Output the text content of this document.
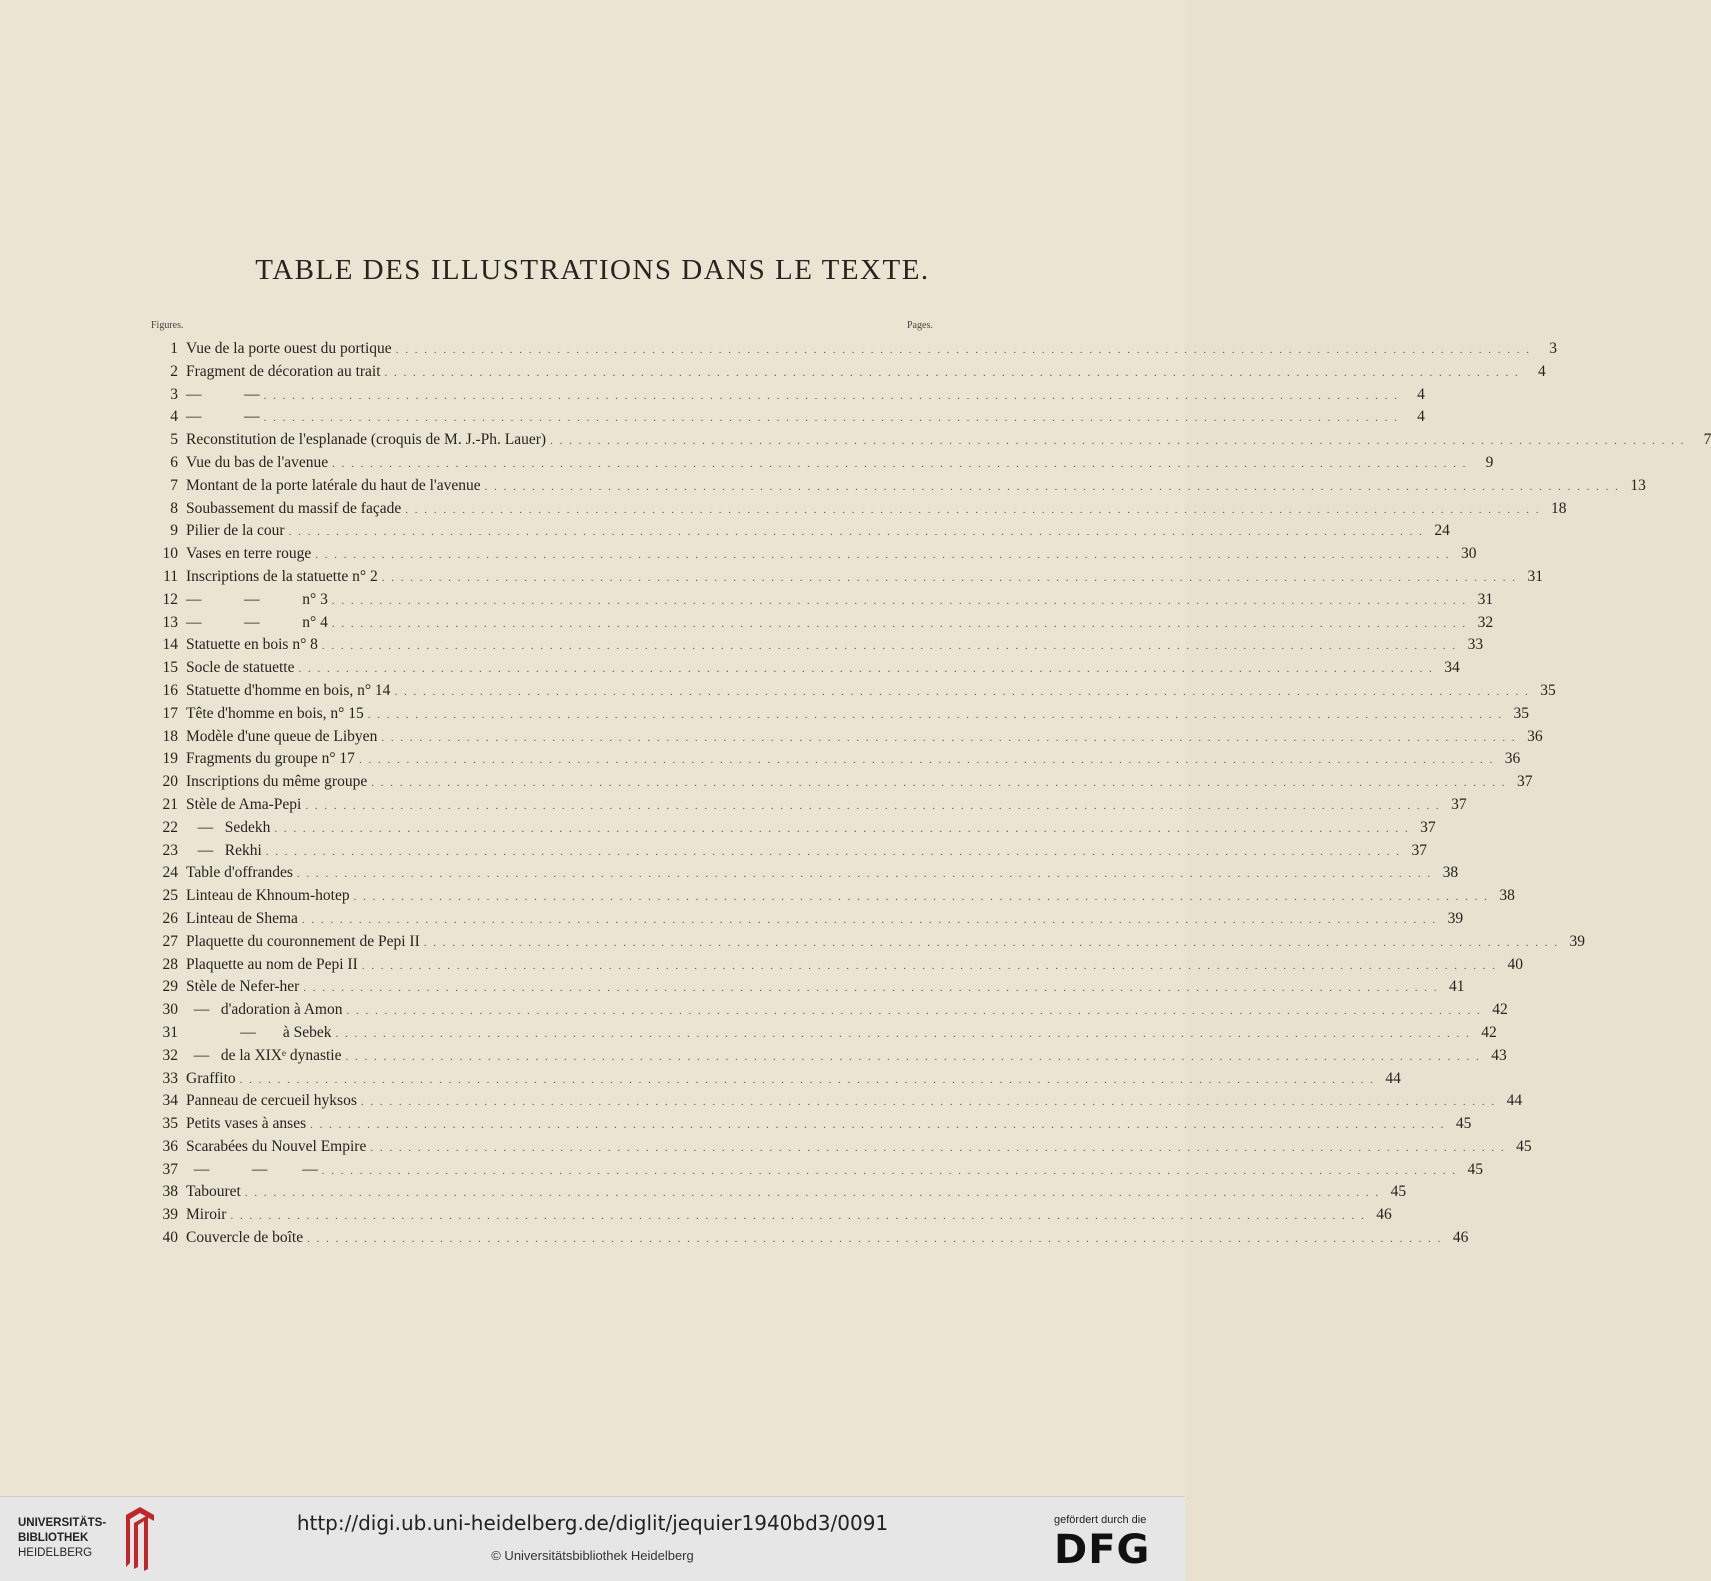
TABLE DES ILLUSTRATIONS DANS LE TEXTE.
Figures.	Pages.
1 Vue de la porte ouest du portique . . . . . . . . . . . . . . . . . . . . . . . . . . . . . . . . . . . . . . . . . . . . . . . . . . . . . . . . . . . . . . . . . . . . . . . . . . . . . . . . . . . . . . . . . . . . . . . . . . . . . . . . . . . . . . . . . . . . . . . .	3
2 Fragment de décoration au trait . . . . . . . . . . . . . . . . . . . . . . . . . . . . . . . . . . . . . . . . . . . . . . . . . . . . . . . . . . . . . . . . . . . . . . . . . . . . . . . . . . . . . . . . . . . . . . . . . . . . . . . . . . . . . . . . . . . . . . . .	4
3 —           — . . . . . . . . . . . . . . . . . . . . . . . . . . . . . . . . . . . . . . . . . . . . . . . . . . . . . . . . . . . . . . . . . . . . . . . . . . . . . . . . . . . . . . . . . . . . . . . . . . . . . . . . . . . . . . . . . . . . . . . .	4
4 —           — . . . . . . . . . . . . . . . . . . . . . . . . . . . . . . . . . . . . . . . . . . . . . . . . . . . . . . . . . . . . . . . . . . . . . . . . . . . . . . . . . . . . . . . . . . . . . . . . . . . . . . . . . . . . . . . . . . . . . . . .	4
5 Reconstitution de l'esplanade (croquis de M. J.-Ph. Lauer) . . . . . . . . . . . . . . . . . . . . . . . . . . . . . . . . . . . . . . . . . . . . . . . . . . . . . . . . . . . . . . . . . . . . . . . . . . . . . . . . . . . . . . . . . . . . . . . . . . . . . . . . . . . . . . . . . . . . . . . .	7
6 Vue du bas de l'avenue . . . . . . . . . . . . . . . . . . . . . . . . . . . . . . . . . . . . . . . . . . . . . . . . . . . . . . . . . . . . . . . . . . . . . . . . . . . . . . . . . . . . . . . . . . . . . . . . . . . . . . . . . . . . . . . . . . . . . . . .	9
7 Montant de la porte latérale du haut de l'avenue . . . . . . . . . . . . . . . . . . . . . . . . . . . . . . . . . . . . . . . . . . . . . . . . . . . . . . . . . . . . . . . . . . . . . . . . . . . . . . . . . . . . . . . . . . . . . . . . . . . . . . . . . . . . . . . . . . . . . . . . 13
8 Soubassement du massif de façade . . . . . . . . . . . . . . . . . . . . . . . . . . . . . . . . . . . . . . . . . . . . . . . . . . . . . . . . . . . . . . . . . . . . . . . . . . . . . . . . . . . . . . . . . . . . . . . . . . . . . . . . . . . . . . . . . . . . . . . . 18
9 Pilier de la cour . . . . . . . . . . . . . . . . . . . . . . . . . . . . . . . . . . . . . . . . . . . . . . . . . . . . . . . . . . . . . . . . . . . . . . . . . . . . . . . . . . . . . . . . . . . . . . . . . . . . . . . . . . . . . . . . . . . . . . . . 24
10 Vases en terre rouge . . . . . . . . . . . . . . . . . . . . . . . . . . . . . . . . . . . . . . . . . . . . . . . . . . . . . . . . . . . . . . . . . . . . . . . . . . . . . . . . . . . . . . . . . . . . . . . . . . . . . . . . . . . . . . . . . . . . . . . . 30
11 Inscriptions de la statuette n° 2 . . . . . . . . . . . . . . . . . . . . . . . . . . . . . . . . . . . . . . . . . . . . . . . . . . . . . . . . . . . . . . . . . . . . . . . . . . . . . . . . . . . . . . . . . . . . . . . . . . . . . . . . . . . . . . . . . . . . . . . . 31
12 —           —           n° 3 . . . . . . . . . . . . . . . . . . . . . . . . . . . . . . . . . . . . . . . . . . . . . . . . . . . . . . . . . . . . . . . . . . . . . . . . . . . . . . . . . . . . . . . . . . . . . . . . . . . . . . . . . . . . . . . . . . . . . . . . 31
13 —           —           n° 4 . . . . . . . . . . . . . . . . . . . . . . . . . . . . . . . . . . . . . . . . . . . . . . . . . . . . . . . . . . . . . . . . . . . . . . . . . . . . . . . . . . . . . . . . . . . . . . . . . . . . . . . . . . . . . . . . . . . . . . . . 32
14 Statuette en bois n° 8 . . . . . . . . . . . . . . . . . . . . . . . . . . . . . . . . . . . . . . . . . . . . . . . . . . . . . . . . . . . . . . . . . . . . . . . . . . . . . . . . . . . . . . . . . . . . . . . . . . . . . . . . . . . . . . . . . . . . . . . . 33
15 Socle de statuette . . . . . . . . . . . . . . . . . . . . . . . . . . . . . . . . . . . . . . . . . . . . . . . . . . . . . . . . . . . . . . . . . . . . . . . . . . . . . . . . . . . . . . . . . . . . . . . . . . . . . . . . . . . . . . . . . . . . . . . . 34
16 Statuette d'homme en bois, n° 14 . . . . . . . . . . . . . . . . . . . . . . . . . . . . . . . . . . . . . . . . . . . . . . . . . . . . . . . . . . . . . . . . . . . . . . . . . . . . . . . . . . . . . . . . . . . . . . . . . . . . . . . . . . . . . . . . . . . . . . . . 35
17 Tête d'homme en bois, n° 15 . . . . . . . . . . . . . . . . . . . . . . . . . . . . . . . . . . . . . . . . . . . . . . . . . . . . . . . . . . . . . . . . . . . . . . . . . . . . . . . . . . . . . . . . . . . . . . . . . . . . . . . . . . . . . . . . . . . . . . . . 35
18 Modèle d'une queue de Libyen . . . . . . . . . . . . . . . . . . . . . . . . . . . . . . . . . . . . . . . . . . . . . . . . . . . . . . . . . . . . . . . . . . . . . . . . . . . . . . . . . . . . . . . . . . . . . . . . . . . . . . . . . . . . . . . . . . . . . . . . 36
19 Fragments du groupe n° 17 . . . . . . . . . . . . . . . . . . . . . . . . . . . . . . . . . . . . . . . . . . . . . . . . . . . . . . . . . . . . . . . . . . . . . . . . . . . . . . . . . . . . . . . . . . . . . . . . . . . . . . . . . . . . . . . . . . . . . . . . 36
20 Inscriptions du même groupe . . . . . . . . . . . . . . . . . . . . . . . . . . . . . . . . . . . . . . . . . . . . . . . . . . . . . . . . . . . . . . . . . . . . . . . . . . . . . . . . . . . . . . . . . . . . . . . . . . . . . . . . . . . . . . . . . . . . . . . . 37
21 Stèle de Ama-Pepi . . . . . . . . . . . . . . . . . . . . . . . . . . . . . . . . . . . . . . . . . . . . . . . . . . . . . . . . . . . . . . . . . . . . . . . . . . . . . . . . . . . . . . . . . . . . . . . . . . . . . . . . . . . . . . . . . . . . . . . . 37
22 —   Sedekh . . . . . . . . . . . . . . . . . . . . . . . . . . . . . . . . . . . . . . . . . . . . . . . . . . . . . . . . . . . . . . . . . . . . . . . . . . . . . . . . . . . . . . . . . . . . . . . . . . . . . . . . . . . . . . . . . . . . . . . . 37
23 —   Rekhi . . . . . . . . . . . . . . . . . . . . . . . . . . . . . . . . . . . . . . . . . . . . . . . . . . . . . . . . . . . . . . . . . . . . . . . . . . . . . . . . . . . . . . . . . . . . . . . . . . . . . . . . . . . . . . . . . . . . . . . . 37
24 Table d'offrandes . . . . . . . . . . . . . . . . . . . . . . . . . . . . . . . . . . . . . . . . . . . . . . . . . . . . . . . . . . . . . . . . . . . . . . . . . . . . . . . . . . . . . . . . . . . . . . . . . . . . . . . . . . . . . . . . . . . . . . . . 38
25 Linteau de Khnoum-hotep . . . . . . . . . . . . . . . . . . . . . . . . . . . . . . . . . . . . . . . . . . . . . . . . . . . . . . . . . . . . . . . . . . . . . . . . . . . . . . . . . . . . . . . . . . . . . . . . . . . . . . . . . . . . . . . . . . . . . . . . 38
26 Linteau de Shema . . . . . . . . . . . . . . . . . . . . . . . . . . . . . . . . . . . . . . . . . . . . . . . . . . . . . . . . . . . . . . . . . . . . . . . . . . . . . . . . . . . . . . . . . . . . . . . . . . . . . . . . . . . . . . . . . . . . . . . . 39
27 Plaquette du couronnement de Pepi II . . . . . . . . . . . . . . . . . . . . . . . . . . . . . . . . . . . . . . . . . . . . . . . . . . . . . . . . . . . . . . . . . . . . . . . . . . . . . . . . . . . . . . . . . . . . . . . . . . . . . . . . . . . . . . . . . . . . . . . . 39
28 Plaquette au nom de Pepi II . . . . . . . . . . . . . . . . . . . . . . . . . . . . . . . . . . . . . . . . . . . . . . . . . . . . . . . . . . . . . . . . . . . . . . . . . . . . . . . . . . . . . . . . . . . . . . . . . . . . . . . . . . . . . . . . . . . . . . . . 40
29 Stèle de Nefer-her . . . . . . . . . . . . . . . . . . . . . . . . . . . . . . . . . . . . . . . . . . . . . . . . . . . . . . . . . . . . . . . . . . . . . . . . . . . . . . . . . . . . . . . . . . . . . . . . . . . . . . . . . . . . . . . . . . . . . . . . 41
30 —   d'adoration à Amon . . . . . . . . . . . . . . . . . . . . . . . . . . . . . . . . . . . . . . . . . . . . . . . . . . . . . . . . . . . . . . . . . . . . . . . . . . . . . . . . . . . . . . . . . . . . . . . . . . . . . . . . . . . . . . . . . . . . . . . . 42
31 —       à Sebek . . . . . . . . . . . . . . . . . . . . . . . . . . . . . . . . . . . . . . . . . . . . . . . . . . . . . . . . . . . . . . . . . . . . . . . . . . . . . . . . . . . . . . . . . . . . . . . . . . . . . . . . . . . . . . . . . . . . . . . . 42
32 —   de la XIXᵉ dynastie . . . . . . . . . . . . . . . . . . . . . . . . . . . . . . . . . . . . . . . . . . . . . . . . . . . . . . . . . . . . . . . . . . . . . . . . . . . . . . . . . . . . . . . . . . . . . . . . . . . . . . . . . . . . . . . . . . . . . . . . 43
33 Graffito . . . . . . . . . . . . . . . . . . . . . . . . . . . . . . . . . . . . . . . . . . . . . . . . . . . . . . . . . . . . . . . . . . . . . . . . . . . . . . . . . . . . . . . . . . . . . . . . . . . . . . . . . . . . . . . . . . . . . . . . 44
34 Panneau de cercueil hyksos . . . . . . . . . . . . . . . . . . . . . . . . . . . . . . . . . . . . . . . . . . . . . . . . . . . . . . . . . . . . . . . . . . . . . . . . . . . . . . . . . . . . . . . . . . . . . . . . . . . . . . . . . . . . . . . . . . . . . . . . 44
35 Petits vases à anses . . . . . . . . . . . . . . . . . . . . . . . . . . . . . . . . . . . . . . . . . . . . . . . . . . . . . . . . . . . . . . . . . . . . . . . . . . . . . . . . . . . . . . . . . . . . . . . . . . . . . . . . . . . . . . . . . . . . . . . . 45
36 Scarabées du Nouvel Empire . . . . . . . . . . . . . . . . . . . . . . . . . . . . . . . . . . . . . . . . . . . . . . . . . . . . . . . . . . . . . . . . . . . . . . . . . . . . . . . . . . . . . . . . . . . . . . . . . . . . . . . . . . . . . . . . . . . . . . . . 45
37 —           —         — . . . . . . . . . . . . . . . . . . . . . . . . . . . . . . . . . . . . . . . . . . . . . . . . . . . . . . . . . . . . . . . . . . . . . . . . . . . . . . . . . . . . . . . . . . . . . . . . . . . . . . . . . . . . . . . . . . . . . . . . 45
38 Tabouret . . . . . . . . . . . . . . . . . . . . . . . . . . . . . . . . . . . . . . . . . . . . . . . . . . . . . . . . . . . . . . . . . . . . . . . . . . . . . . . . . . . . . . . . . . . . . . . . . . . . . . . . . . . . . . . . . . . . . . . . 45
39 Miroir . . . . . . . . . . . . . . . . . . . . . . . . . . . . . . . . . . . . . . . . . . . . . . . . . . . . . . . . . . . . . . . . . . . . . . . . . . . . . . . . . . . . . . . . . . . . . . . . . . . . . . . . . . . . . . . . . . . . . . . . 46
40 Couvercle de boîte . . . . . . . . . . . . . . . . . . . . . . . . . . . . . . . . . . . . . . . . . . . . . . . . . . . . . . . . . . . . . . . . . . . . . . . . . . . . . . . . . . . . . . . . . . . . . . . . . . . . . . . . . . . . . . . . . . . . . . . . 46
UNIVERSITÄTS-
BIBLIOTHEK
HEIDELBERG
http://digi.ub.uni-heidelberg.de/diglit/jequier1940bd3/0091
© Universitätsbibliothek Heidelberg
gefördert durch die
DFG
